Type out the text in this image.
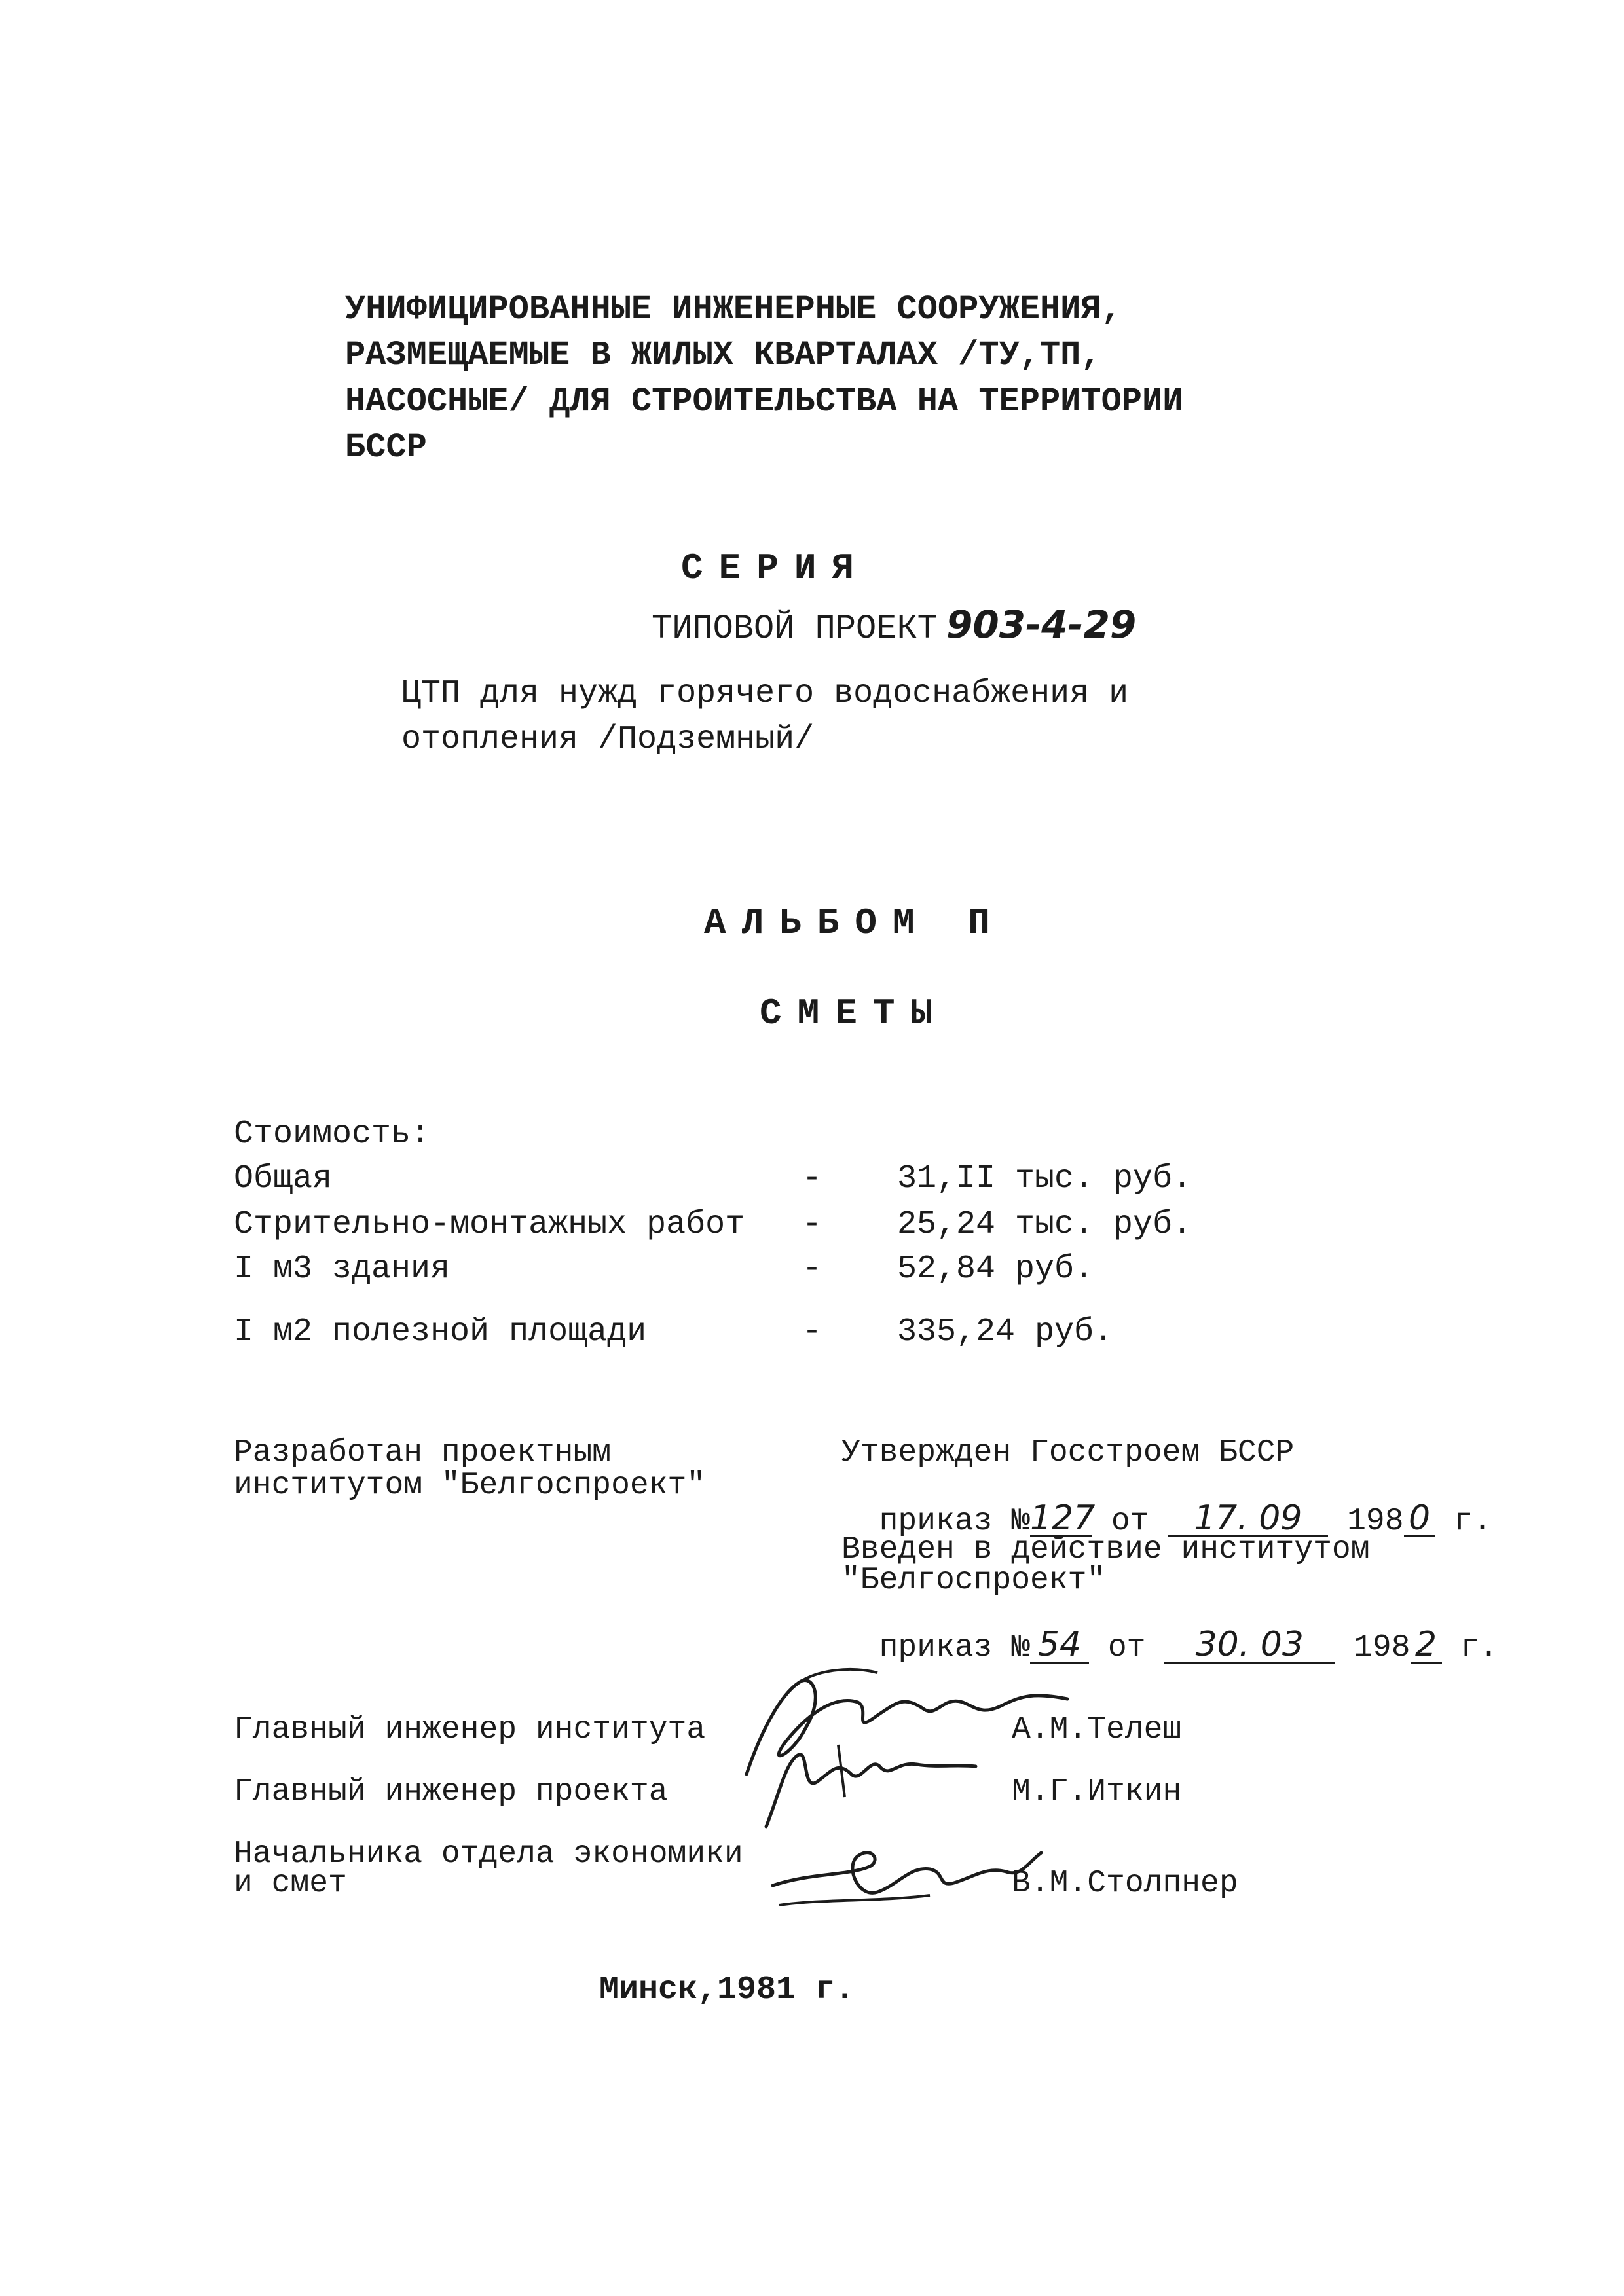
УНИФИЦИРОВАННЫЕ ИНЖЕНЕРНЫЕ СООРУЖЕНИЯ,
РАЗМЕЩАЕМЫЕ В ЖИЛЫХ КВАРТАЛАХ /ТУ,ТП,
НАСОСНЫЕ/ ДЛЯ СТРОИТЕЛЬСТВА НА ТЕРРИТОРИИ
БССР
СЕРИЯ
ТИПОВОЙ ПРОЕКТ 903-4-29
ЦТП для нужд горячего водоснабжения и
отопления /Подземный/
АЛЬБОМ П
СМЕТЫ
Стоимость:
Общая	- 31,II тыс. руб.
Стрительно-монтажных работ - 25,24 тыс. руб.
I м3 здания	- 52,84 руб.
I м2 полезной площади	- 335,24 руб.
Разработан проектным
институтом "Белгоспроект"
Утвержден Госстроем БССР

приказ №127 от 17. 09 198 0 г.

Введен в действие институтом
"Белгоспроект"

приказ № 54 от 30. 03 198 2 г.

Главный инженер института	А.М.Телеш
Главный инженер проекта	М.Г.Иткин
Начальника отдела экономики
и смет	В.М.Столпнер
Минск,1981 г.
